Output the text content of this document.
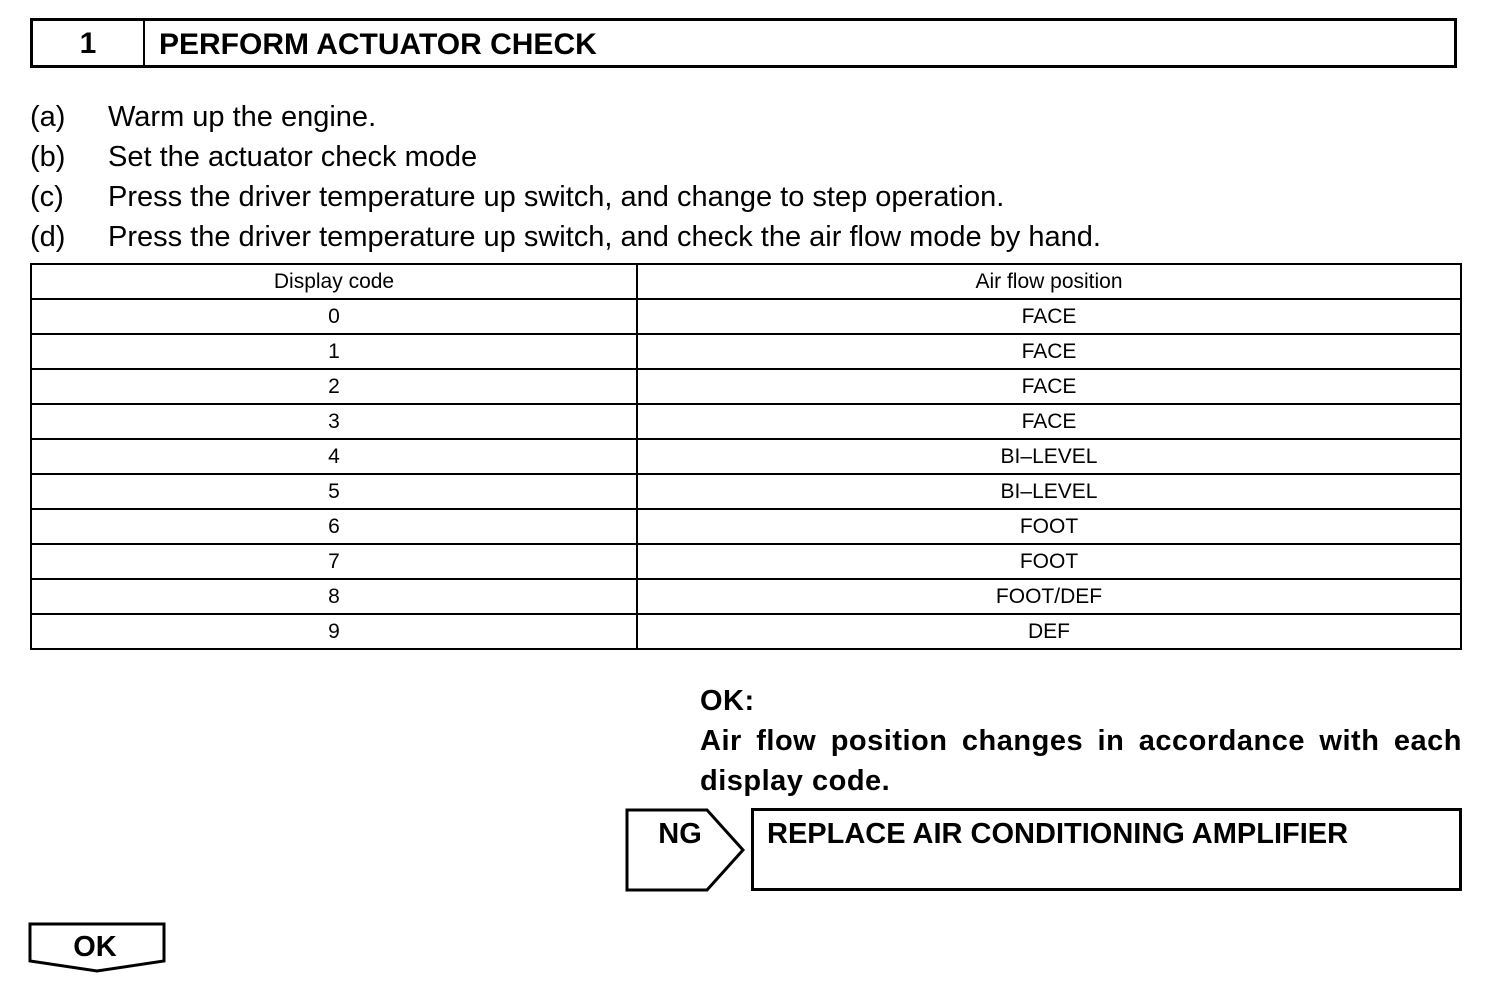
1	PERFORM ACTUATOR CHECK
(a) Warm up the engine.
(b) Set the actuator check mode
(c) Press the driver temperature up switch, and change to step operation.
(d) Press the driver temperature up switch, and check the air flow mode by hand.
Display code	Air flow position
0	FACE
1	FACE
2	FACE
3	FACE
4	BI–LEVEL
5	BI–LEVEL
6	FOOT
7	FOOT
8	FOOT/DEF
9	DEF
OK:
Air flow position changes in accordance with each display code.
NG	REPLACE AIR CONDITIONING AMPLIFIER
OK
